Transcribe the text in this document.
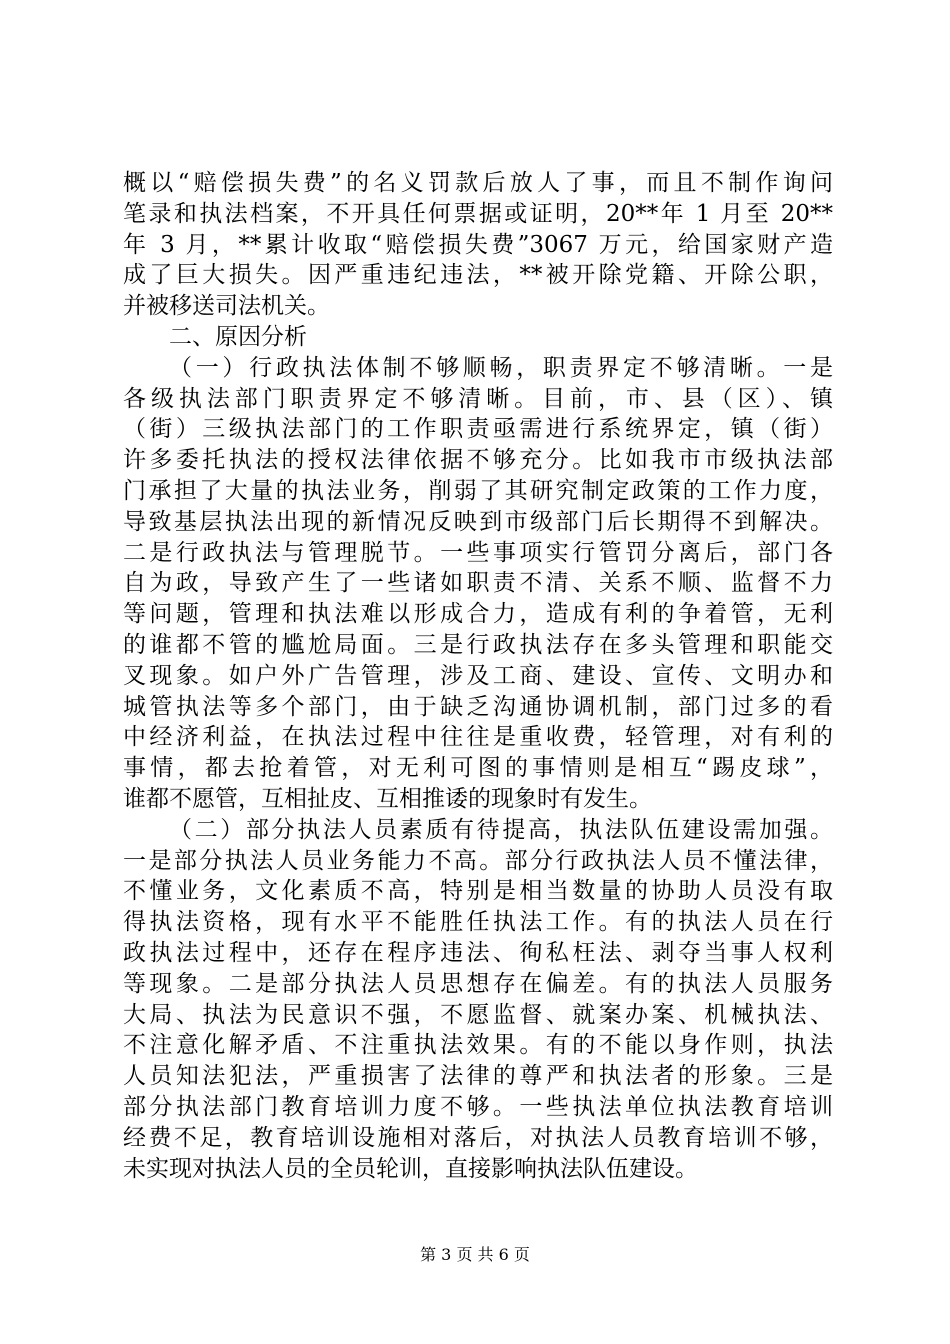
概以“赔偿损失费”的名义罚款后放人了事，而且不制作询问
笔录和执法档案，不开具任何票据或证明，20**年 1 月至 20**
年 3 月，**累计收取“赔偿损失费”3067 万元，给国家财产造
成了巨大损失。因严重违纪违法，**被开除党籍、开除公职，
并被移送司法机关。
二、原因分析
（一）行政执法体制不够顺畅，职责界定不够清晰。一是
各级执法部门职责界定不够清晰。目前，市、县（区）、镇
（街）三级执法部门的工作职责亟需进行系统界定，镇（街）
许多委托执法的授权法律依据不够充分。比如我市市级执法部
门承担了大量的执法业务，削弱了其研究制定政策的工作力度，
导致基层执法出现的新情况反映到市级部门后长期得不到解决。
二是行政执法与管理脱节。一些事项实行管罚分离后，部门各
自为政，导致产生了一些诸如职责不清、关系不顺、监督不力
等问题，管理和执法难以形成合力，造成有利的争着管，无利
的谁都不管的尴尬局面。三是行政执法存在多头管理和职能交
叉现象。如户外广告管理，涉及工商、建设、宣传、文明办和
城管执法等多个部门，由于缺乏沟通协调机制，部门过多的看
中经济利益，在执法过程中往往是重收费，轻管理，对有利的
事情，都去抢着管，对无利可图的事情则是相互“踢皮球”，
谁都不愿管，互相扯皮、互相推诿的现象时有发生。
（二）部分执法人员素质有待提高，执法队伍建设需加强。
一是部分执法人员业务能力不高。部分行政执法人员不懂法律，
不懂业务，文化素质不高，特别是相当数量的协助人员没有取
得执法资格，现有水平不能胜任执法工作。有的执法人员在行
政执法过程中，还存在程序违法、徇私枉法、剥夺当事人权利
等现象。二是部分执法人员思想存在偏差。有的执法人员服务
大局、执法为民意识不强，不愿监督、就案办案、机械执法、
不注意化解矛盾、不注重执法效果。有的不能以身作则，执法
人员知法犯法，严重损害了法律的尊严和执法者的形象。三是
部分执法部门教育培训力度不够。一些执法单位执法教育培训
经费不足，教育培训设施相对落后，对执法人员教育培训不够，
未实现对执法人员的全员轮训，直接影响执法队伍建设。
第 3 页 共 6 页
